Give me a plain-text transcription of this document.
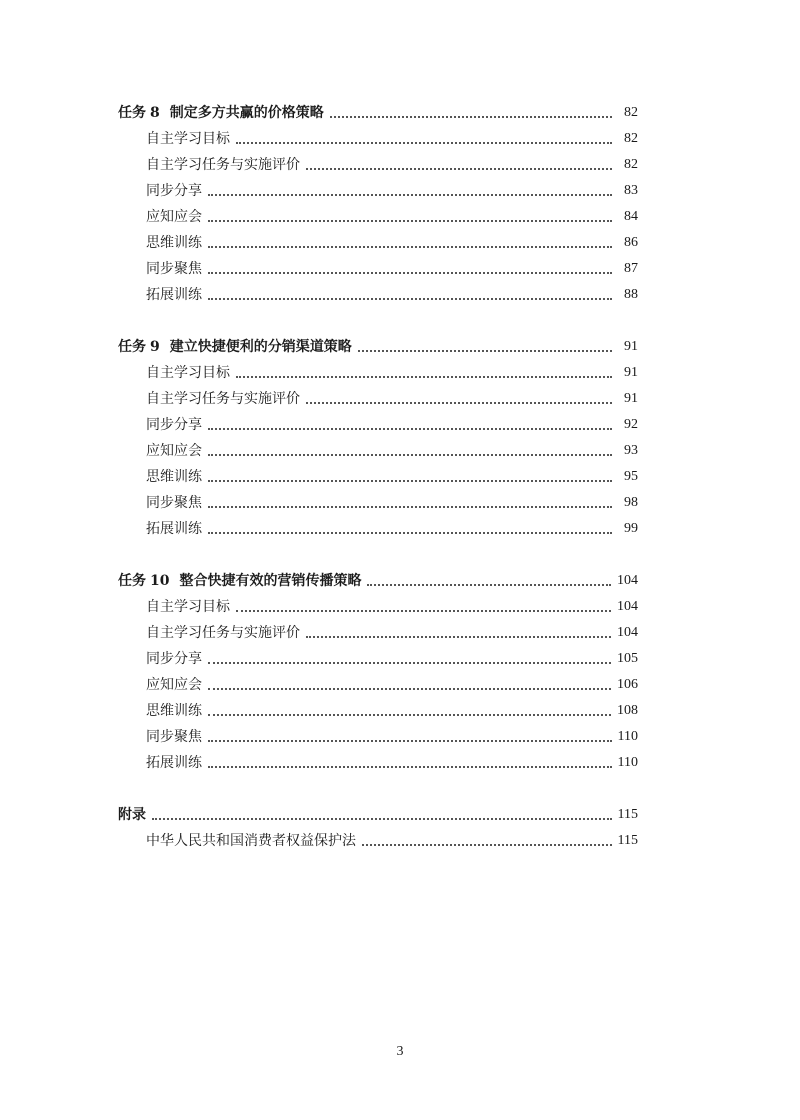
任务 8 制定多方共赢的价格策略	82
自主学习目标	82
自主学习任务与实施评价	82
同步分享	83
应知应会	84
思维训练	86
同步聚焦	87
拓展训练	88
任务 9 建立快捷便利的分销渠道策略	91
自主学习目标	91
自主学习任务与实施评价	91
同步分享	92
应知应会	93
思维训练	95
同步聚焦	98
拓展训练	99
任务 10 整合快捷有效的营销传播策略	104
自主学习目标	104
自主学习任务与实施评价	104
同步分享	105
应知应会	106
思维训练	108
同步聚焦	110
拓展训练	110
附录	115
中华人民共和国消费者权益保护法	115
3
